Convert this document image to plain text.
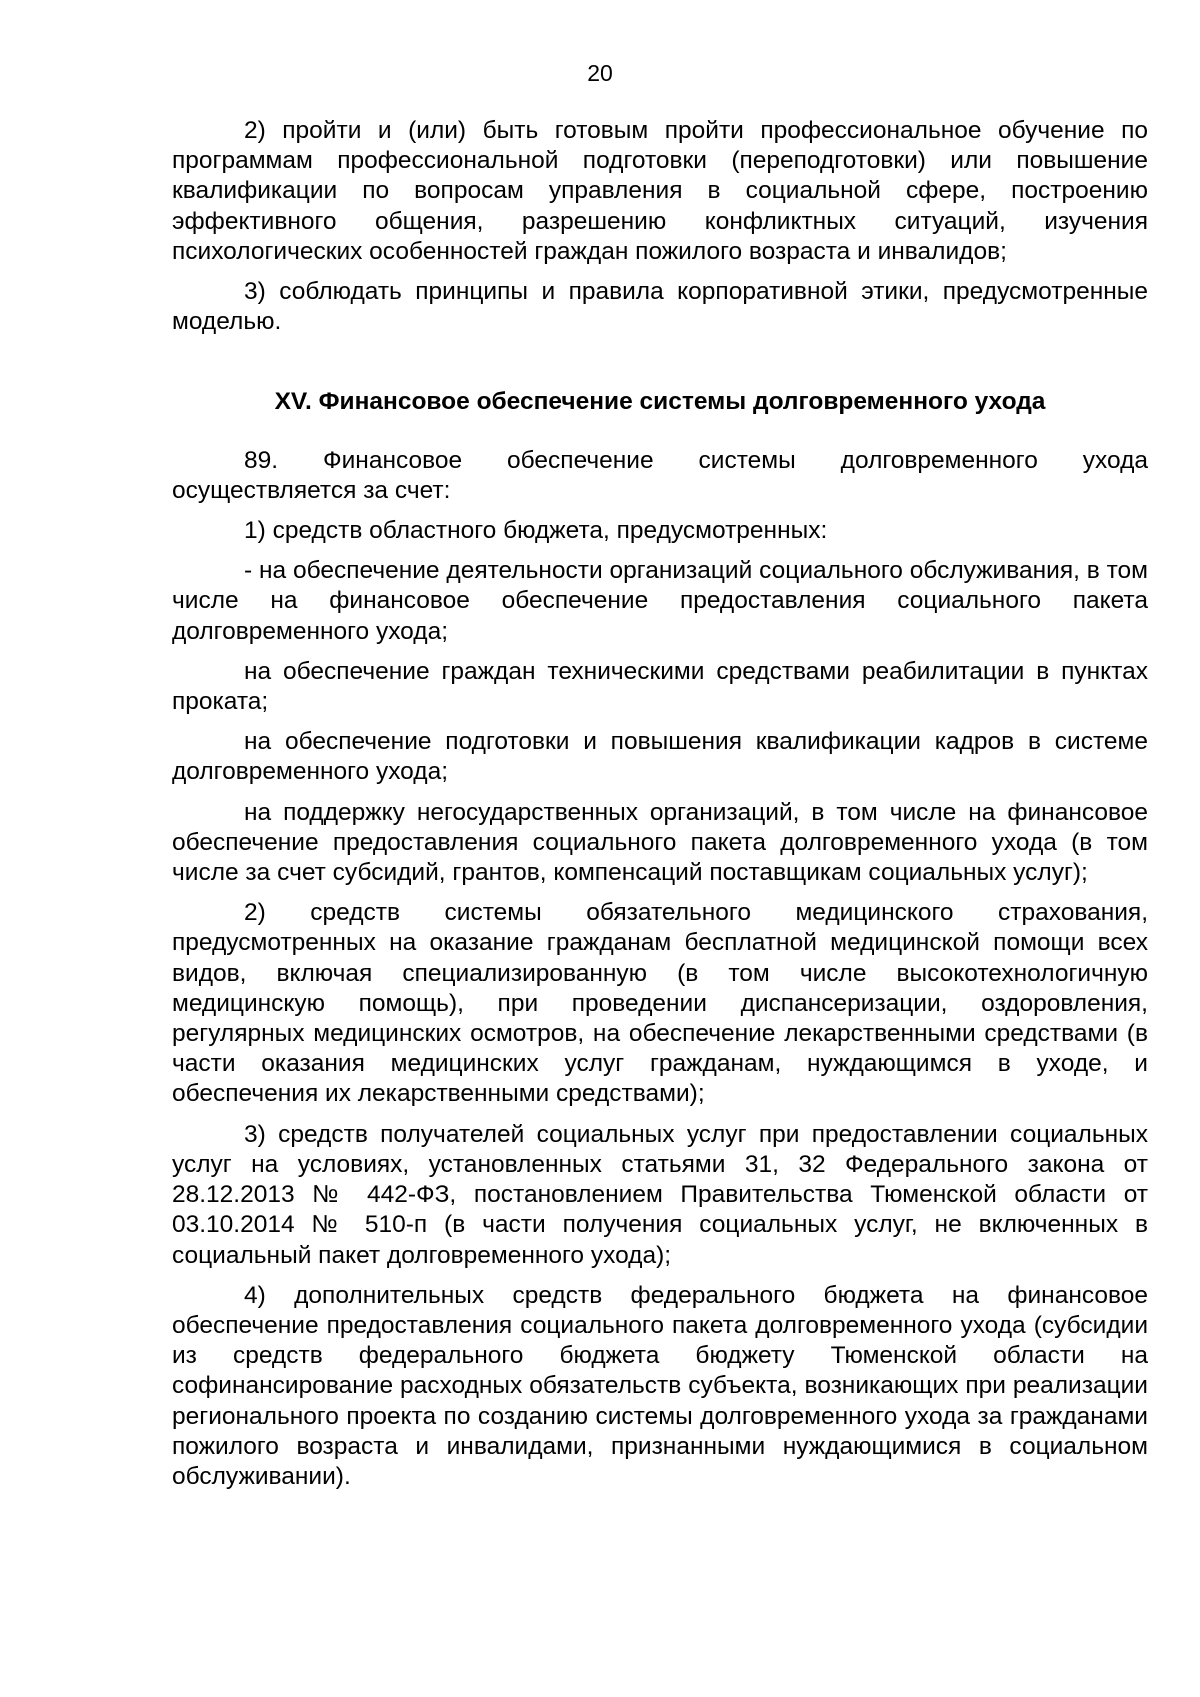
20

2) пройти и (или) быть готовым пройти профессиональное обучение по программам профессиональной подготовки (переподготовки) или повышение квалификации по вопросам управления в социальной сфере, построению эффективного общения, разрешению конфликтных ситуаций, изучения психологических особенностей граждан пожилого возраста и инвалидов;

3) соблюдать принципы и правила корпоративной этики, предусмотренные моделью.

XV. Финансовое обеспечение системы долговременного ухода

89. Финансовое обеспечение системы долговременного ухода осуществляется за счет:

1) средств областного бюджета, предусмотренных:

- на обеспечение деятельности организаций социального обслуживания, в том числе на финансовое обеспечение предоставления социального пакета долговременного ухода;

на обеспечение граждан техническими средствами реабилитации в пунктах проката;

на обеспечение подготовки и повышения квалификации кадров в системе долговременного ухода;

на поддержку негосударственных организаций, в том числе на финансовое обеспечение предоставления социального пакета долговременного ухода (в том числе за счет субсидий, грантов, компенсаций поставщикам социальных услуг);

2) средств системы обязательного медицинского страхования, предусмотренных на оказание гражданам бесплатной медицинской помощи всех видов, включая специализированную (в том числе высокотехнологичную медицинскую помощь), при проведении диспансеризации, оздоровления, регулярных медицинских осмотров, на обеспечение лекарственными средствами (в части оказания медицинских услуг гражданам, нуждающимся в уходе, и обеспечения их лекарственными средствами);

3) средств получателей социальных услуг при предоставлении социальных услуг на условиях, установленных статьями 31, 32 Федерального закона от 28.12.2013 № 442-ФЗ, постановлением Правительства Тюменской области от 03.10.2014 № 510-п (в части получения социальных услуг, не включенных в социальный пакет долговременного ухода);

4) дополнительных средств федерального бюджета на финансовое обеспечение предоставления социального пакета долговременного ухода (субсидии из средств федерального бюджета бюджету Тюменской области на софинансирование расходных обязательств субъекта, возникающих при реализации регионального проекта по созданию системы долговременного ухода за гражданами пожилого возраста и инвалидами, признанными нуждающимися в социальном обслуживании).
